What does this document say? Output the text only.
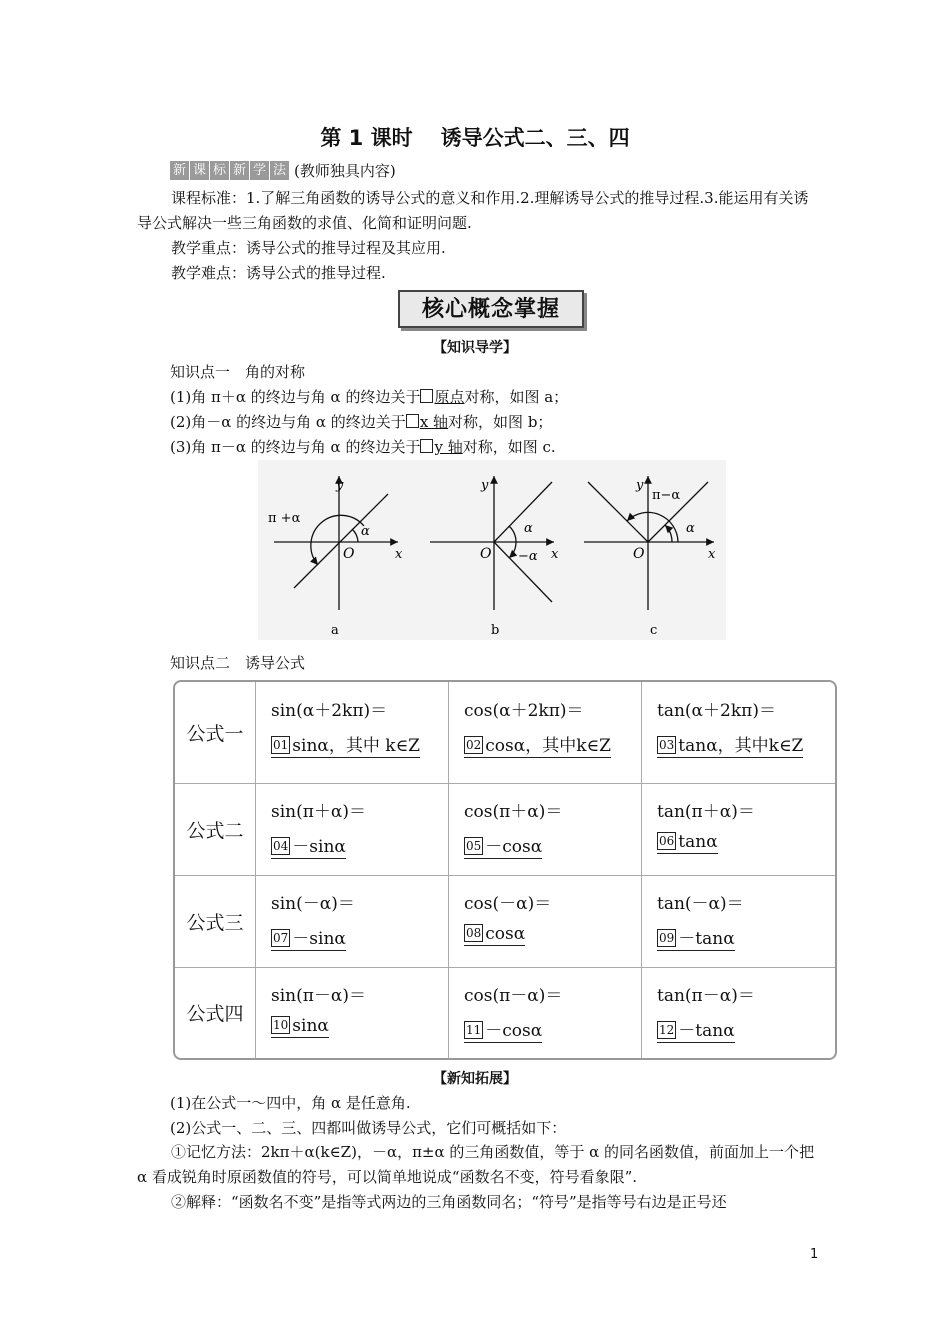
第 1 课时 诱导公式二、三、四
新 课 标 新 学 法 (教师独具内容)
课程标准：1.了解三角函数的诱导公式的意义和作用.2.理解诱导公式的推导过程.3.能运用有关诱导公式解决一些三角函数的求值、化简和证明问题.
教学重点：诱导公式的推导过程及其应用.
教学难点：诱导公式的推导过程.
核心概念掌握
【知识导学】
知识点一　角的对称
(1)角 π＋α 的终边与角 α 的终边关于 原点对称，如图 a；
(2)角－α 的终边与角 α 的终边关于 x 轴对称，如图 b；
(3)角 π－α 的终边与角 α 的终边关于 y 轴对称，如图 c.
y
x
O
π +α
α
a
y
x
O
α
−α
b
y
x
O
π−α
α
c
知识点二　诱导公式
公式一
sin(α＋2kπ)＝
01 sinα，其中 k∈Z
cos(α＋2kπ)＝
02 cosα，其中k∈Z
tan(α＋2kπ)＝
03 tanα，其中k∈Z
公式二
sin(π＋α)＝
04 －sinα
cos(π＋α)＝
05 －cosα
tan(π＋α)＝
06 tanα
公式三
sin(－α)＝
07 －sinα
cos(－α)＝
08 cosα
tan(－α)＝
09 －tanα
公式四
sin(π－α)＝
10 sinα
cos(π－α)＝
11 －cosα
tan(π－α)＝
12 －tanα
【新知拓展】
(1)在公式一～四中，角 α 是任意角.
(2)公式一、二、三、四都叫做诱导公式，它们可概括如下：
①记忆方法：2kπ＋α(k∈Z)，－α，π±α 的三角函数值，等于 α 的同名函数值，前面加上一个把 α 看成锐角时原函数值的符号，可以简单地说成“函数名不变，符号看象限”.
②解释：“函数名不变”是指等式两边的三角函数同名；“符号”是指等号右边是正号还
1
